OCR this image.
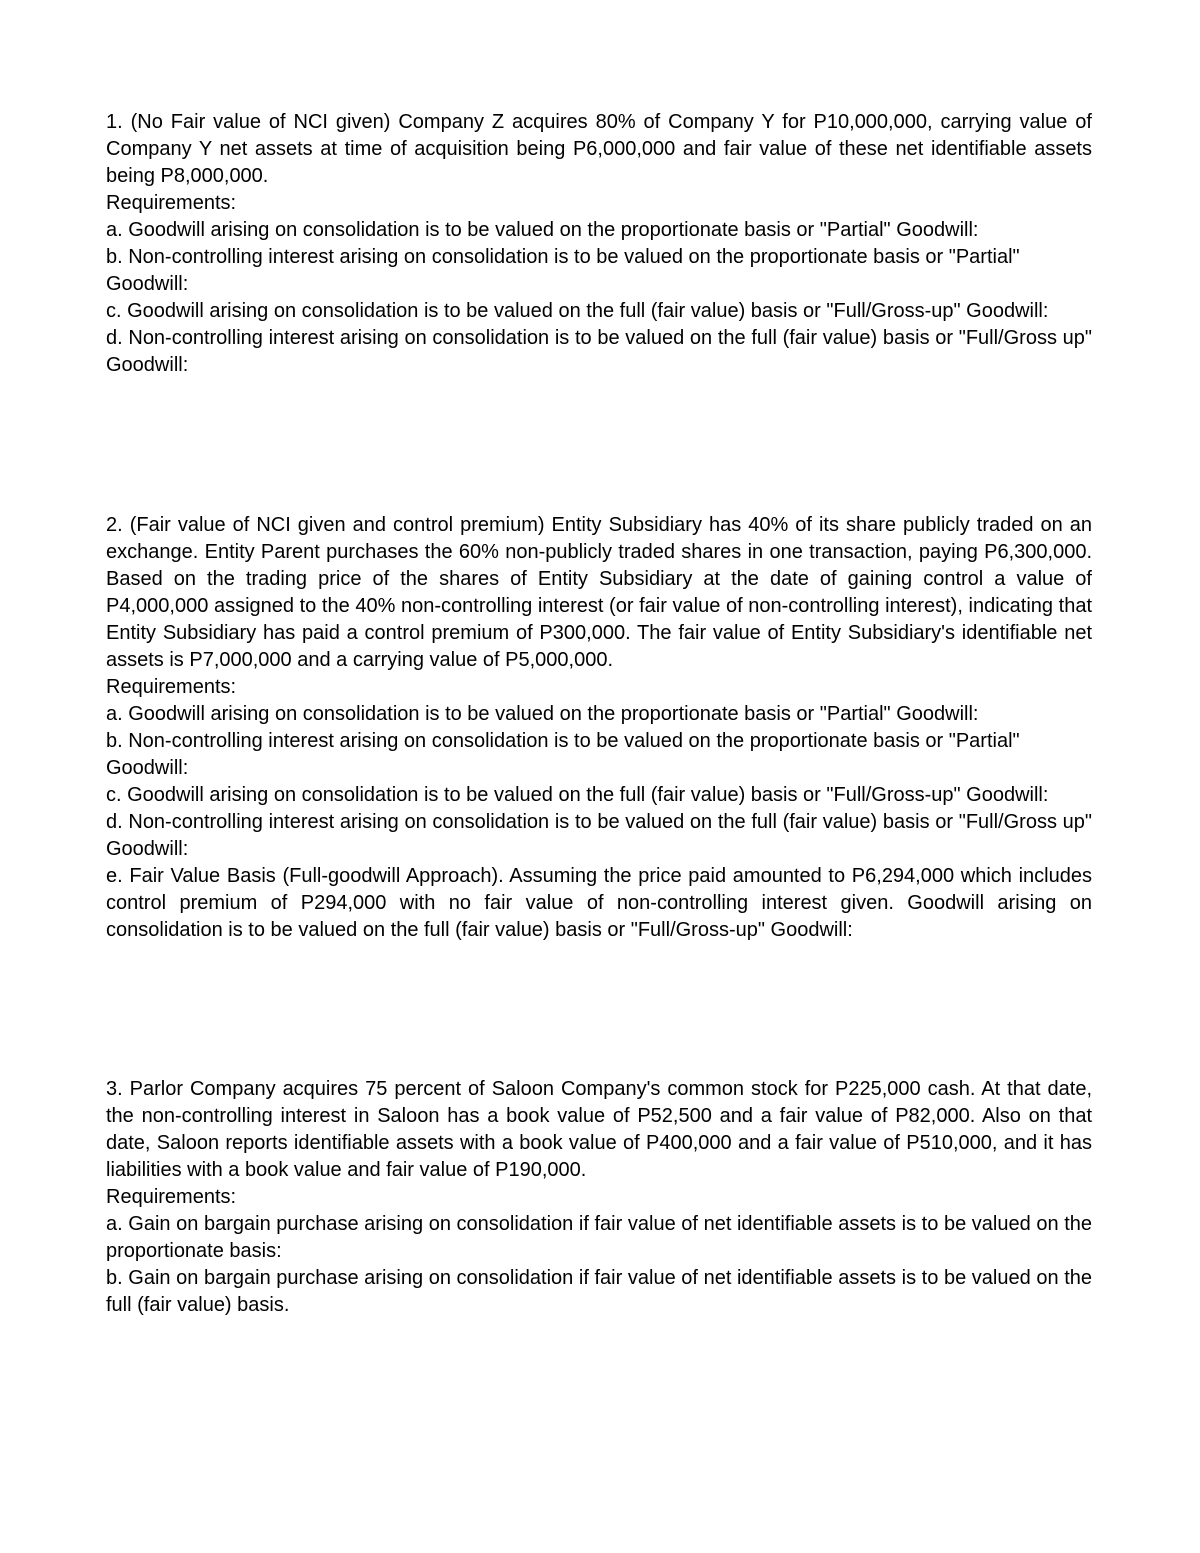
1. (No Fair value of NCI given) Company Z acquires 80% of Company Y for P10,000,000, carrying value of Company Y net assets at time of acquisition being P6,000,000 and fair value of these net identifiable assets being P8,000,000.

Requirements:

a. Goodwill arising on consolidation is to be valued on the proportionate basis or "Partial" Goodwill:

b. Non-controlling interest arising on consolidation is to be valued on the proportionate basis or "Partial" Goodwill:

c. Goodwill arising on consolidation is to be valued on the full (fair value) basis or "Full/Gross-up" Goodwill:

d. Non-controlling interest arising on consolidation is to be valued on the full (fair value) basis or "Full/Gross up" Goodwill:

2. (Fair value of NCI given and control premium) Entity Subsidiary has 40% of its share publicly traded on an exchange. Entity Parent purchases the 60% non-publicly traded shares in one transaction, paying P6,300,000. Based on the trading price of the shares of Entity Subsidiary at the date of gaining control a value of P4,000,000 assigned to the 40% non-controlling interest (or fair value of non-controlling interest), indicating that Entity Subsidiary has paid a control premium of P300,000. The fair value of Entity Subsidiary's identifiable net assets is P7,000,000 and a carrying value of P5,000,000.

Requirements:

a. Goodwill arising on consolidation is to be valued on the proportionate basis or "Partial" Goodwill:

b. Non-controlling interest arising on consolidation is to be valued on the proportionate basis or "Partial" Goodwill:

c. Goodwill arising on consolidation is to be valued on the full (fair value) basis or "Full/Gross-up" Goodwill:

d. Non-controlling interest arising on consolidation is to be valued on the full (fair value) basis or "Full/Gross up" Goodwill:

e. Fair Value Basis (Full-goodwill Approach). Assuming the price paid amounted to P6,294,000 which includes control premium of P294,000 with no fair value of non-controlling interest given. Goodwill arising on consolidation is to be valued on the full (fair value) basis or "Full/Gross-up" Goodwill:

3. Parlor Company acquires 75 percent of Saloon Company's common stock for P225,000 cash. At that date, the non-controlling interest in Saloon has a book value of P52,500 and a fair value of P82,000. Also on that date, Saloon reports identifiable assets with a book value of P400,000 and a fair value of P510,000, and it has liabilities with a book value and fair value of P190,000.

Requirements:

a. Gain on bargain purchase arising on consolidation if fair value of net identifiable assets is to be valued on the proportionate basis:

b. Gain on bargain purchase arising on consolidation if fair value of net identifiable assets is to be valued on the full (fair value) basis.
